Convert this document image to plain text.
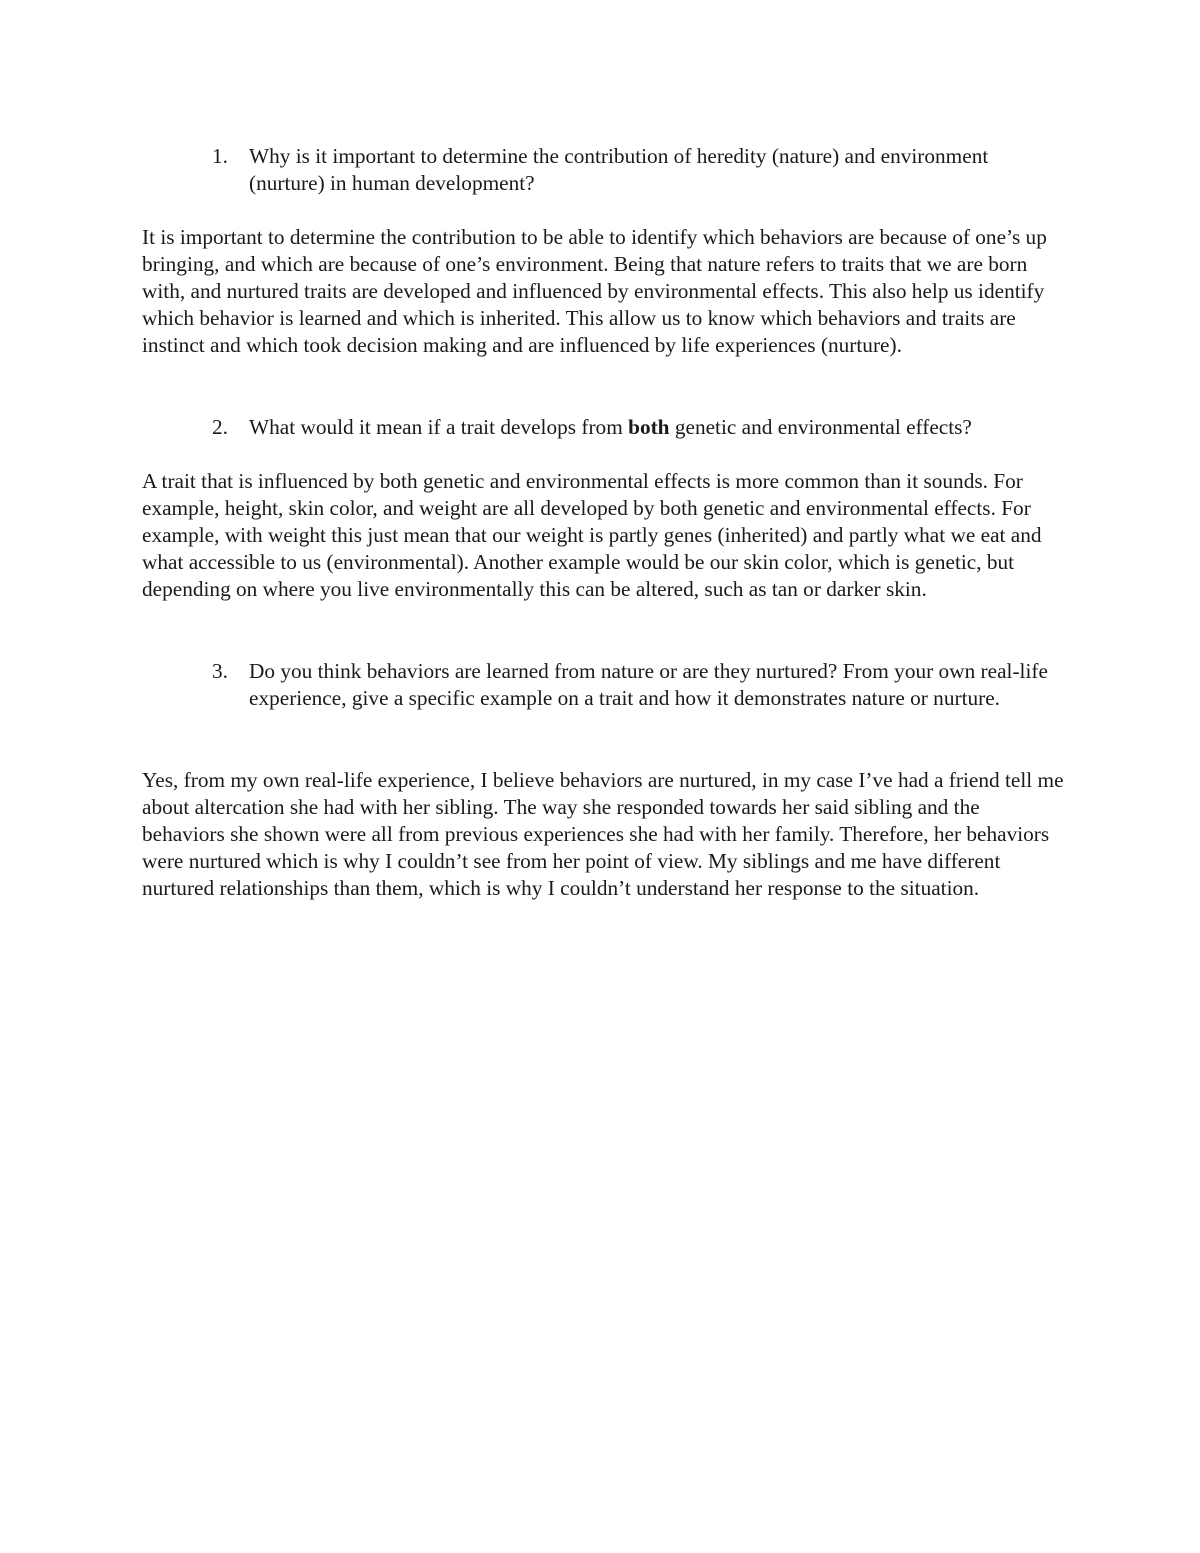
1. Why is it important to determine the contribution of heredity (nature) and environment (nurture) in human development?

It is important to determine the contribution to be able to identify which behaviors are because of one’s up bringing, and which are because of one’s environment. Being that nature refers to traits that we are born with, and nurtured traits are developed and influenced by environmental effects. This also help us identify which behavior is learned and which is inherited. This allow us to know which behaviors and traits are instinct and which took decision making and are influenced by life experiences (nurture).

2. What would it mean if a trait develops from both genetic and environmental effects?

A trait that is influenced by both genetic and environmental effects is more common than it sounds. For example, height, skin color, and weight are all developed by both genetic and environmental effects. For example, with weight this just mean that our weight is partly genes (inherited) and partly what we eat and what accessible to us (environmental). Another example would be our skin color, which is genetic, but depending on where you live environmentally this can be altered, such as tan or darker skin.

3. Do you think behaviors are learned from nature or are they nurtured? From your own real-life experience, give a specific example on a trait and how it demonstrates nature or nurture.

Yes, from my own real-life experience, I believe behaviors are nurtured, in my case I’ve had a friend tell me about altercation she had with her sibling. The way she responded towards her said sibling and the behaviors she shown were all from previous experiences she had with her family. Therefore, her behaviors were nurtured which is why I couldn’t see from her point of view. My siblings and me have different nurtured relationships than them, which is why I couldn’t understand her response to the situation.
